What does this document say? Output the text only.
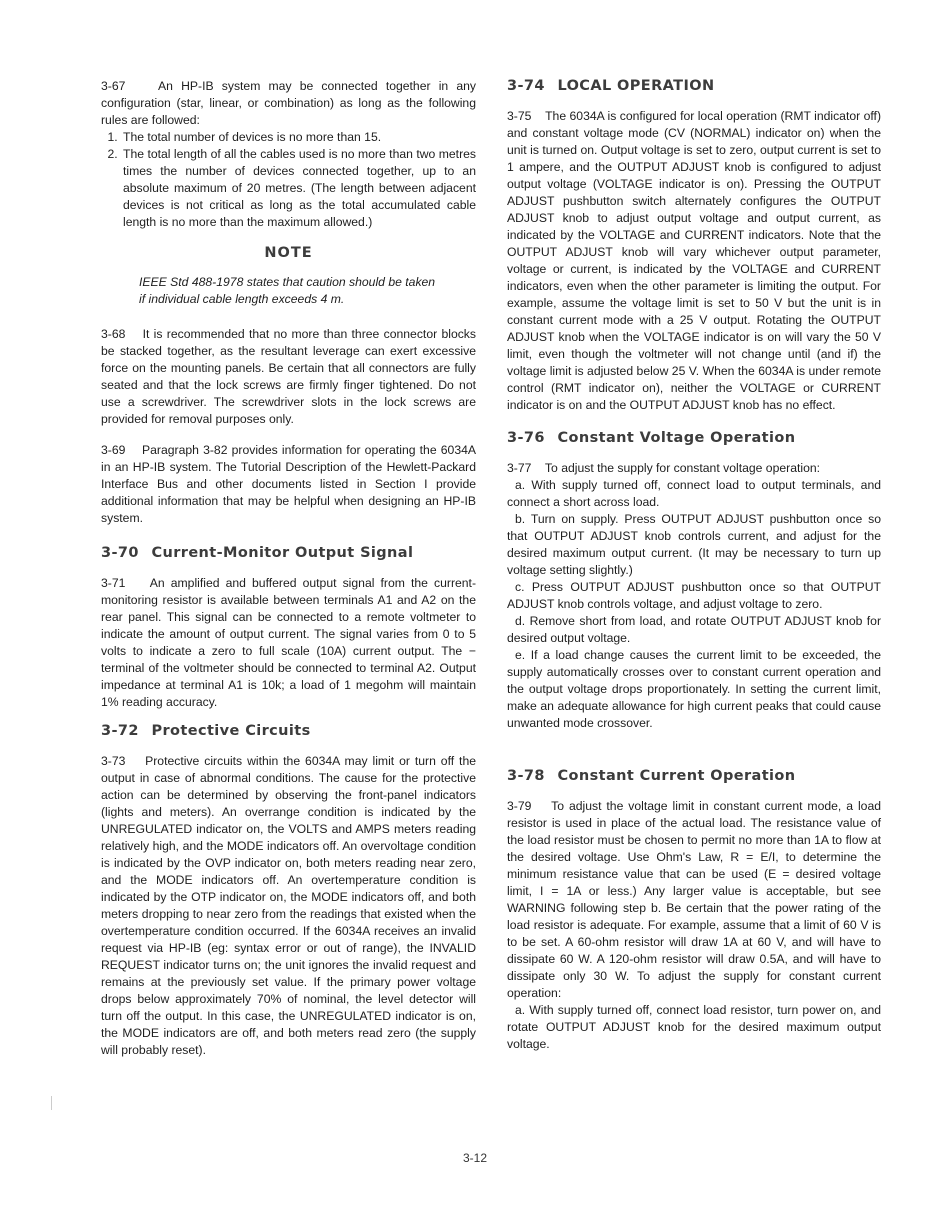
3-67    An HP-IB system may be connected together in any configuration (star, linear, or combination) as long as the following rules are followed:

1. The total number of devices is no more than 15.
2. The total length of all the cables used is no more than two metres times the number of devices connected together, up to an absolute maximum of 20 metres. (The length between adjacent devices is not critical as long as the total accumulated cable length is no more than the maximum allowed.)
NOTE

IEEE Std 488-1978 states that caution should be taken if individual cable length exceeds 4 m.

3-68    It is recommended that no more than three connector blocks be stacked together, as the resultant leverage can exert excessive force on the mounting panels. Be certain that all connectors are fully seated and that the lock screws are firmly finger tightened. Do not use a screwdriver. The screwdriver slots in the lock screws are provided for removal purposes only.

3-69    Paragraph 3-82 provides information for operating the 6034A in an HP-IB system. The Tutorial Description of the Hewlett-Packard Interface Bus and other documents listed in Section I provide additional information that may be helpful when designing an HP-IB system.

3-70 Current-Monitor Output Signal

3-71    An amplified and buffered output signal from the current-monitoring resistor is available between terminals A1 and A2 on the rear panel. This signal can be connected to a remote voltmeter to indicate the amount of output current. The signal varies from 0 to 5 volts to indicate a zero to full scale (10A) current output. The − terminal of the voltmeter should be connected to terminal A2. Output impedance at terminal A1 is 10k; a load of 1 megohm will maintain 1% reading accuracy.

3-72 Protective Circuits

3-73    Protective circuits within the 6034A may limit or turn off the output in case of abnormal conditions. The cause for the protective action can be determined by observing the front-panel indicators (lights and meters). An overrange condition is indicated by the UNREGULATED indicator on, the VOLTS and AMPS meters reading relatively high, and the MODE indicators off. An overvoltage condition is indicated by the OVP indicator on, both meters reading near zero, and the MODE indicators off. An overtemperature condition is indicated by the OTP indicator on, the MODE indicators off, and both meters dropping to near zero from the readings that existed when the overtemperature condition occurred. If the 6034A receives an invalid request via HP-IB (eg: syntax error or out of range), the INVALID REQUEST indicator turns on; the unit ignores the invalid request and remains at the previously set value. If the primary power voltage drops below approximately 70% of nominal, the level detector will turn off the output. In this case, the UNREGULATED indicator is on, the MODE indicators are off, and both meters read zero (the supply will probably reset).

3-74 LOCAL OPERATION

3-75    The 6034A is configured for local operation (RMT indicator off) and constant voltage mode (CV (NORMAL) indicator on) when the unit is turned on. Output voltage is set to zero, output current is set to 1 ampere, and the OUTPUT ADJUST knob is configured to adjust output voltage (VOLTAGE indicator is on). Pressing the OUTPUT ADJUST pushbutton switch alternately configures the OUTPUT ADJUST knob to adjust output voltage and output current, as indicated by the VOLTAGE and CURRENT indicators. Note that the OUTPUT ADJUST knob will vary whichever output parameter, voltage or current, is indicated by the VOLTAGE and CURRENT indicators, even when the other parameter is limiting the output. For example, assume the voltage limit is set to 50 V but the unit is in constant current mode with a 25 V output. Rotating the OUTPUT ADJUST knob when the VOLTAGE indicator is on will vary the 50 V limit, even though the voltmeter will not change until (and if) the voltage limit is adjusted below 25 V. When the 6034A is under remote control (RMT indicator on), neither the VOLTAGE or CURRENT indicator is on and the OUTPUT ADJUST knob has no effect.

3-76 Constant Voltage Operation

3-77    To adjust the supply for constant voltage operation:

a. With supply turned off, connect load to output terminals, and connect a short across load.

b. Turn on supply. Press OUTPUT ADJUST pushbutton once so that OUTPUT ADJUST knob controls current, and adjust for the desired maximum output current. (It may be necessary to turn up voltage setting slightly.)

c. Press OUTPUT ADJUST pushbutton once so that OUTPUT ADJUST knob controls voltage, and adjust voltage to zero.

d. Remove short from load, and rotate OUTPUT ADJUST knob for desired output voltage.

e. If a load change causes the current limit to be exceeded, the supply automatically crosses over to constant current operation and the output voltage drops proportionately. In setting the current limit, make an adequate allowance for high current peaks that could cause unwanted mode crossover.

3-78 Constant Current Operation

3-79    To adjust the voltage limit in constant current mode, a load resistor is used in place of the actual load. The resistance value of the load resistor must be chosen to permit no more than 1A to flow at the desired voltage. Use Ohm's Law, R = E/I, to determine the minimum resistance value that can be used (E = desired voltage limit, I = 1A or less.) Any larger value is acceptable, but see WARNING following step b. Be certain that the power rating of the load resistor is adequate. For example, assume that a limit of 60 V is to be set. A 60-ohm resistor will draw 1A at 60 V, and will have to dissipate 60 W. A 120-ohm resistor will draw 0.5A, and will have to dissipate only 30 W. To adjust the supply for constant current operation:

a. With supply turned off, connect load resistor, turn power on, and rotate OUTPUT ADJUST knob for the desired maximum output voltage.

3-12
